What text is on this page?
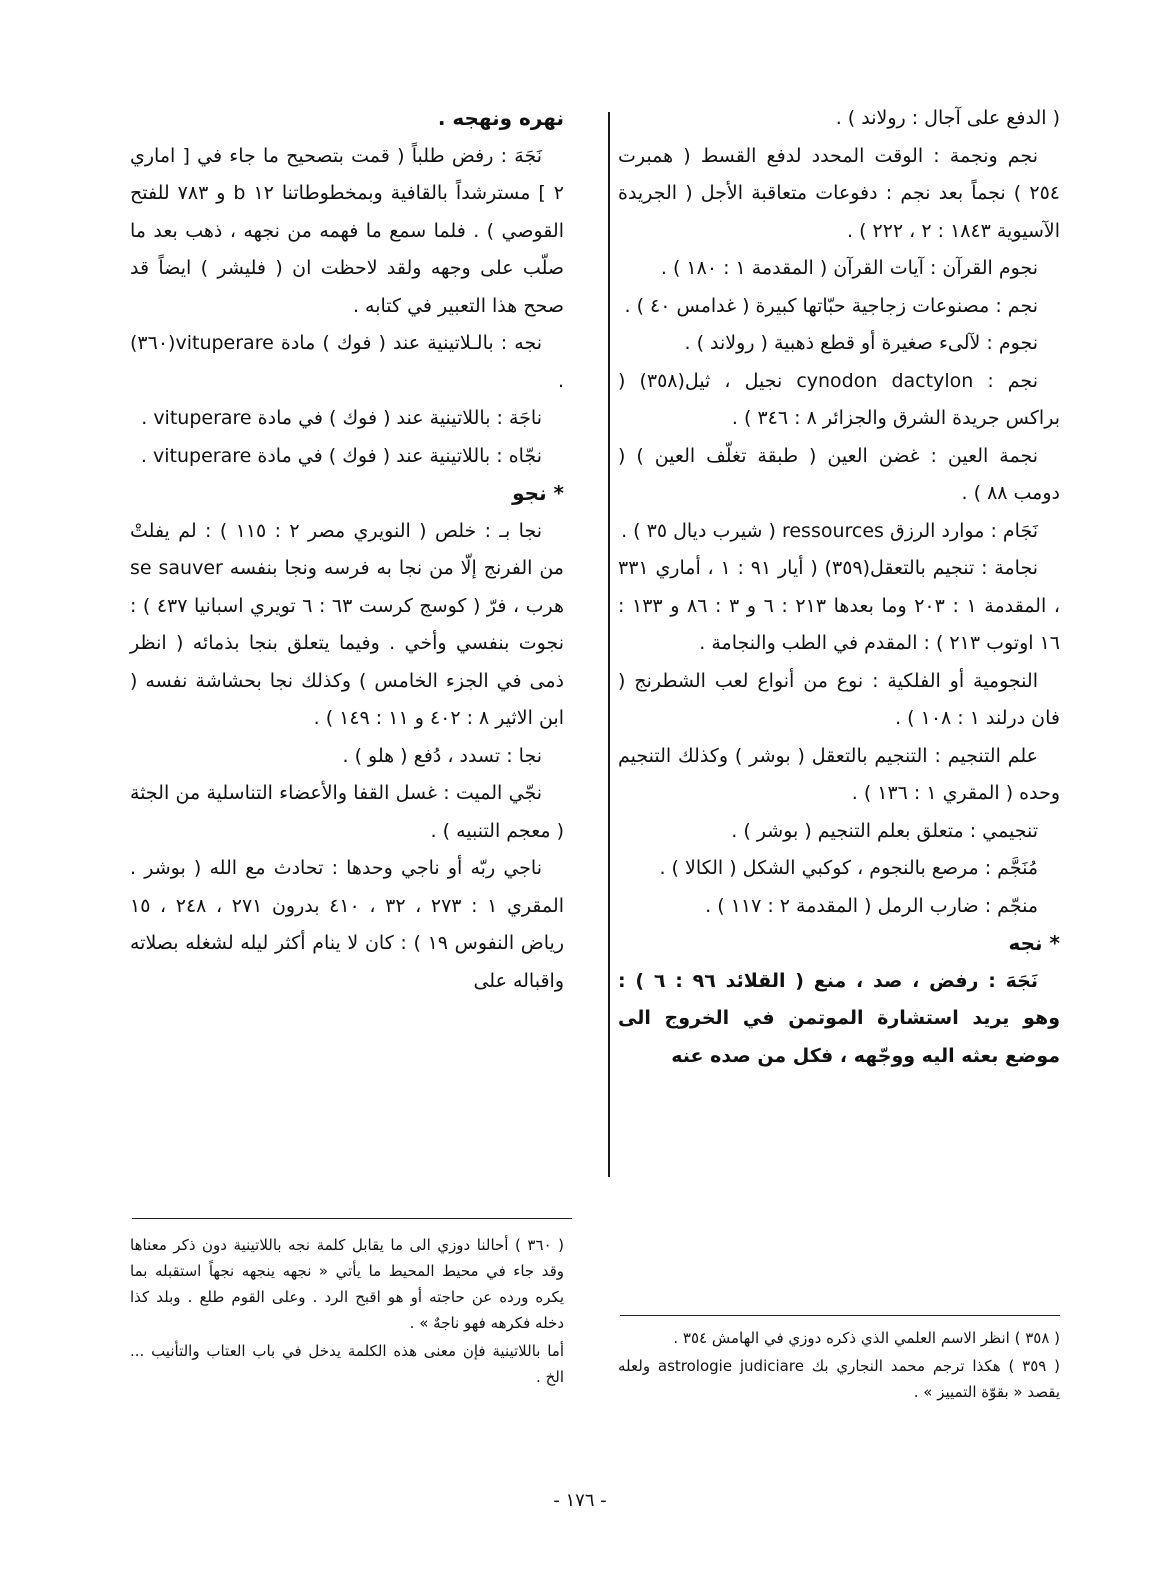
( الدفع على آجال : رولاند ) .

نجم ونجمة : الوقت المحدد لدفع القسط ( همبرت ٢٥٤ ) نجماً بعد نجم : دفوعات متعاقبة الأجل ( الجريدة الآسيوية ١٨٤٣ : ٢ ، ٢٢٢ ) .

نجوم القرآن : آيات القرآن ( المقدمة ١ : ١٨٠ ) .

نجم : مصنوعات زجاجية حبّاتها كبيرة ( غدامس ٤٠ ) .

نجوم : لآلىء صغيرة أو قطع ذهبية ( رولاند ) .

نجم : cynodon dactylon نجيل ، ثيل(٣٥٨) ( براكس جريدة الشرق والجزائر ٨ : ٣٤٦ ) .

نجمة العين : غضن العين ( طبقة تغلّف العين ) ( دومب ٨٨ ) .

نَجَام : موارد الرزق ressources ( شيرب ديال ٣٥ ) .

نجامة : تنجيم بالتعقل(٣٥٩) ( أيار ٩١ : ١ ، أماري ٣٣١ ، المقدمة ١ : ٢٠٣ وما بعدها ٢١٣ : ٦ و ٣ : ٨٦ و ١٣٣ : ١٦ اوتوب ٢١٣ ) : المقدم في الطب والنجامة .

النجومية أو الفلكية : نوع من أنواع لعب الشطرنج ( فان درلند ١ : ١٠٨ ) .

علم التنجيم : التنجيم بالتعقل ( بوشر ) وكذلك التنجيم وحده ( المقري ١ : ١٣٦ ) .

تنجيمي : متعلق بعلم التنجيم ( بوشر ) .

مُنَجَّم : مرصع بالنجوم ، كوكبي الشكل ( الكالا ) .

منجّم : ضارب الرمل ( المقدمة ٢ : ١١٧ ) .

* نجه

نَجَهَ : رفض ، صد ، منع ( القلائد ٩٦ : ٦ ) : وهو يريد استشارة الموتمن في الخروج الى موضع بعثه اليه ووجّهه ، فكل من صده عنه

نهره ونهجه .

نَجَهَ : رفض طلباً ( قمت بتصحيح ما جاء في [ اماري ٢ ] مسترشداً بالقافية وبمخطوطاتنا ١٢ b و ٧٨٣ للفتح القوصي ) . فلما سمع ما فهمه من نجهه ، ذهب بعد ما صلّب على وجهه ولقد لاحظت ان ( فليشر ) ايضاً قد صحح هذا التعبير في كتابه .

نجه : بالـلاتينية عند ( فوك ) مادة vituperare(٣٦٠) .

ناجَة : باللاتينية عند ( فوك ) في مادة vituperare .

نجّاه : باللاتينية عند ( فوك ) في مادة vituperare .

* نجو

نجا بـ : خلص ( النويري مصر ٢ : ١١٥ ) : لم يفلتْ من الفرنج إلّا من نجا به فرسه ونجا بنفسه se sauver هرب ، فرّ ( كوسج كرست ٦٣ : ٦ تويري اسبانيا ٤٣٧ ) : نجوت بنفسي وأخي . وفيما يتعلق بنجا بذمائه ( انظر ذمى في الجزء الخامس ) وكذلك نجا بحشاشة نفسه ( ابن الاثير ٨ : ٤٠٢ و ١١ : ١٤٩ ) .

نجا : تسدد ، دُفع ( هلو ) .

نجّي الميت : غسل القفا والأعضاء التناسلية من الجثة ( معجم التنبيه ) .

ناجي ربّه أو ناجي وحدها : تحادث مع الله ( بوشر . المقري ١ : ٢٧٣ ، ٣٢ ، ٤١٠ بدرون ٢٧١ ، ٢٤٨ ، ١٥ رياض النفوس ١٩ ) : كان لا ينام أكثر ليله لشغله بصلاته واقباله على

( ٣٥٨ ) انظر الاسم العلمي الذي ذكره دوزي في الهامش ٣٥٤ .

( ٣٥٩ ) هكذا ترجم محمد النجاري بك astrologie judiciare ولعله يقصد « بقوّة التمييز » .

( ٣٦٠ ) أحالنا دوزي الى ما يقابل كلمة نجه باللاتينية دون ذكر معناها وقد جاء في محيط المحيط ما يأتي « نجهه ينجهه نجهاً استقبله بما يكره ورده عن حاجته أو هو اقبح الرد . وعلى القوم طلع . وبلد كذا دخله فكرهه فهو ناجهٌ » .

أما باللاتينية فإن معنى هذه الكلمة يدخل في باب العتاب والتأنيب ... الخ .

- ١٧٦ -
